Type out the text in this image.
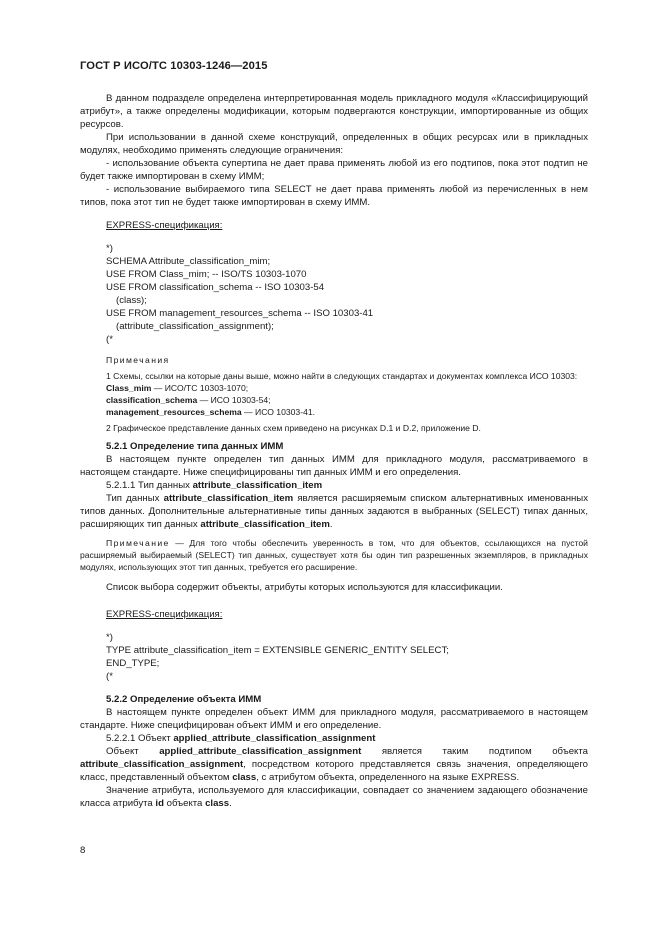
ГОСТ Р ИСО/ТС 10303-1246—2015

В данном подразделе определена интерпретированная модель прикладного модуля «Классифицирующий атрибут», а также определены модификации, которым подвергаются конструкции, импортированные из общих ресурсов.

При использовании в данной схеме конструкций, определенных в общих ресурсах или в прикладных модулях, необходимо применять следующие ограничения:

- использование объекта супертипа не дает права применять любой из его подтипов, пока этот подтип не будет также импортирован в схему ИММ;

- использование выбираемого типа SELECT не дает права применять любой из перечисленных в нем типов, пока этот тип не будет также импортирован в схему ИММ.

EXPRESS-спецификация:

*)

SCHEMA Attribute_classification_mim;

USE FROM Class_mim; -- ISO/TS 10303-1070

USE FROM classification_schema -- ISO 10303-54

(class);

USE FROM management_resources_schema -- ISO 10303-41

(attribute_classification_assignment);

(*

Примечания

1 Схемы, ссылки на которые даны выше, можно найти в следующих стандартах и документах комплекса ИСО 10303:

Class_mim — ИСО/ТС 10303-1070;

classification_schema — ИСО 10303-54;

management_resources_schema — ИСО 10303-41.

2 Графическое представление данных схем приведено на рисунках D.1 и D.2, приложение D.

5.2.1 Определение типа данных ИММ

В настоящем пункте определен тип данных ИММ для прикладного модуля, рассматриваемого в настоящем стандарте. Ниже специфицированы тип данных ИММ и его определения.

5.2.1.1 Тип данных attribute_classification_item

Тип данных attribute_classification_item является расширяемым списком альтернативных именованных типов данных. Дополнительные альтернативные типы данных задаются в выбранных (SELECT) типах данных, расширяющих тип данных attribute_classification_item.

Примечание — Для того чтобы обеспечить уверенность в том, что для объектов, ссылающихся на пустой расширяемый выбираемый (SELECT) тип данных, существует хотя бы один тип разрешенных экземпляров, в прикладных модулях, использующих этот тип данных, требуется его расширение.

Список выбора содержит объекты, атрибуты которых используются для классификации.

EXPRESS-спецификация:

*)

TYPE attribute_classification_item = EXTENSIBLE GENERIC_ENTITY SELECT;

END_TYPE;

(*

5.2.2 Определение объекта ИММ

В настоящем пункте определен объект ИММ для прикладного модуля, рассматриваемого в настоящем стандарте. Ниже специфицирован объект ИММ и его определение.

5.2.2.1 Объект applied_attribute_classification_assignment

Объект applied_attribute_classification_assignment является таким подтипом объекта attribute_classification_assignment, посредством которого представляется связь значения, определяющего класс, представленный объектом class, с атрибутом объекта, определенного на языке EXPRESS.

Значение атрибута, используемого для классификации, совпадает со значением задающего обозначение класса атрибута id объекта class.

8
